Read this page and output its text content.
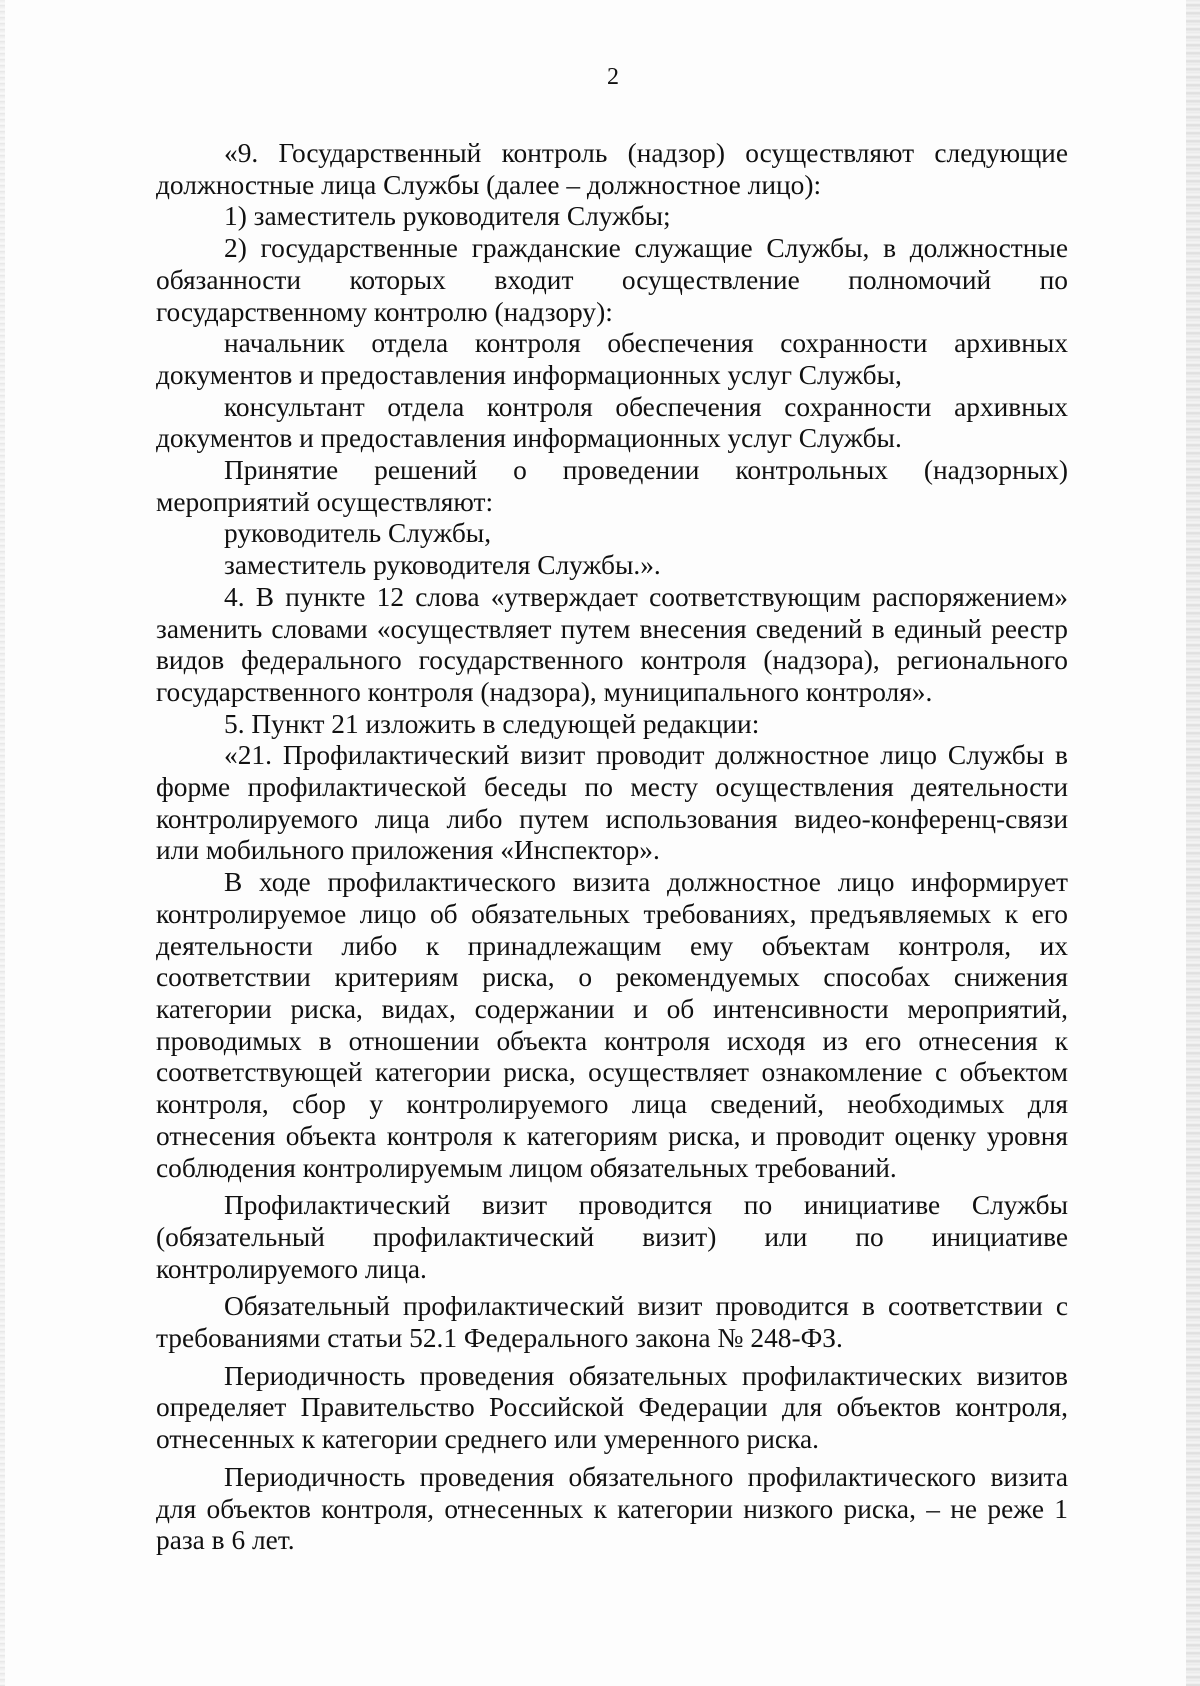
2

«9. Государственный контроль (надзор) осуществляют следующие должностные лица Службы (далее – должностное лицо):

1) заместитель руководителя Службы;

2) государственные гражданские служащие Службы, в должностные обязанности которых входит осуществление полномочий по государственному контролю (надзору):

начальник отдела контроля обеспечения сохранности архивных документов и предоставления информационных услуг Службы,

консультант отдела контроля обеспечения сохранности архивных документов и предоставления информационных услуг Службы.

Принятие решений о проведении контрольных (надзорных) мероприятий осуществляют:

руководитель Службы,

заместитель руководителя Службы.».

4. В пункте 12 слова «утверждает соответствующим распоряжением» заменить словами «осуществляет путем внесения сведений в единый реестр видов федерального государственного контроля (надзора), регионального государственного контроля (надзора), муниципального контроля».

5. Пункт 21 изложить в следующей редакции:

«21. Профилактический визит проводит должностное лицо Службы в форме профилактической беседы по месту осуществления деятельности контролируемого лица либо путем использования видео-конференц-связи или мобильного приложения «Инспектор».

В ходе профилактического визита должностное лицо информирует контролируемое лицо об обязательных требованиях, предъявляемых к его деятельности либо к принадлежащим ему объектам контроля, их соответствии критериям риска, о рекомендуемых способах снижения категории риска, видах, содержании и об интенсивности мероприятий, проводимых в отношении объекта контроля исходя из его отнесения к соответствующей категории риска, осуществляет ознакомление с объектом контроля, сбор у контролируемого лица сведений, необходимых для отнесения объекта контроля к категориям риска, и проводит оценку уровня соблюдения контролируемым лицом обязательных требований.

Профилактический визит проводится по инициативе Службы (обязательный профилактический визит) или по инициативе контролируемого лица.

Обязательный профилактический визит проводится в соответствии с требованиями статьи 52.1 Федерального закона № 248-ФЗ.

Периодичность проведения обязательных профилактических визитов определяет Правительство Российской Федерации для объектов контроля, отнесенных к категории среднего или умеренного риска.

Периодичность проведения обязательного профилактического визита для объектов контроля, отнесенных к категории низкого риска, – не реже 1 раза в 6 лет.
